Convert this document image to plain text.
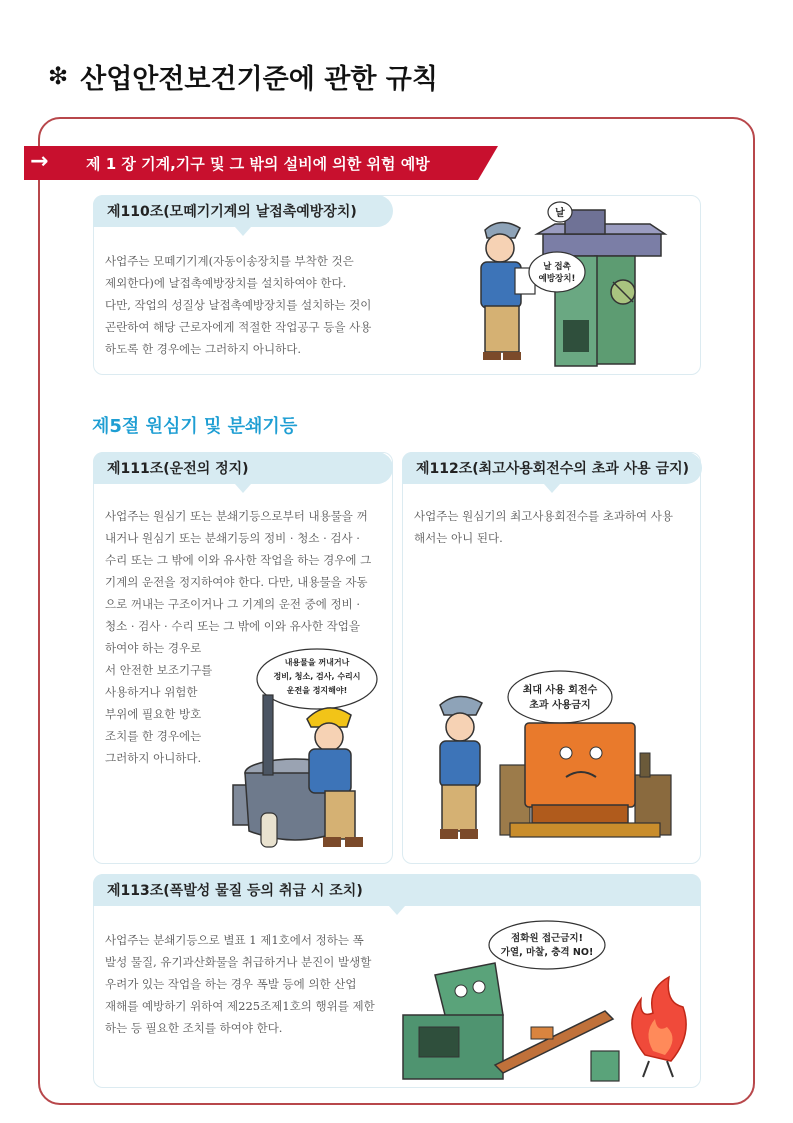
❇ 산업안전보건기준에 관한 규칙
→	제 1 장 기계,기구 및 그 밖의 설비에 의한 위험 예방
제110조(모떼기기계의 날접촉예방장치)
사업주는 모떼기기계(자동이송장치를 부착한 것은
제외한다)에 날접촉예방장치를 설치하여야 한다.
다만, 작업의 성질상 날접촉예방장치를 설치하는 것이
곤란하여 해당 근로자에게 적절한 작업공구 등을 사용
하도록 한 경우에는 그러하지 아니하다.
날
날 접촉
예방장치!
제5절 원심기 및 분쇄기등
제111조(운전의 정지)
사업주는 원심기 또는 분쇄기등으로부터 내용물을 꺼
내거나 원심기 또는 분쇄기등의 정비 · 청소 · 검사 ·
수리 또는 그 밖에 이와 유사한 작업을 하는 경우에 그
기계의 운전을 정지하여야 한다. 다만, 내용물을 자동
으로 꺼내는 구조이거나 그 기계의 운전 중에 정비 ·
청소 · 검사 · 수리 또는 그 밖에 이와 유사한 작업을
하여야 하는 경우로
서 안전한 보조기구를
사용하거나 위험한
부위에 필요한 방호
조치를 한 경우에는
그러하지 아니하다.
내용물을 꺼내거나
정비, 청소, 검사, 수리시
운전을 정지해야!
제112조(최고사용회전수의 초과 사용 금지)
사업주는 원심기의 최고사용회전수를 초과하여 사용
해서는 아니 된다.
최대 사용 회전수
초과 사용금지
제113조(폭발성 물질 등의 취급 시 조치)
사업주는 분쇄기등으로 별표 1 제1호에서 정하는 폭
발성 물질, 유기과산화물을 취급하거나 분진이 발생할
우려가 있는 작업을 하는 경우 폭발 등에 의한 산업
재해를 예방하기 위하여 제225조제1호의 행위를 제한
하는 등 필요한 조치를 하여야 한다.
점화원 접근금지!
가열, 마찰, 충격 NO!
